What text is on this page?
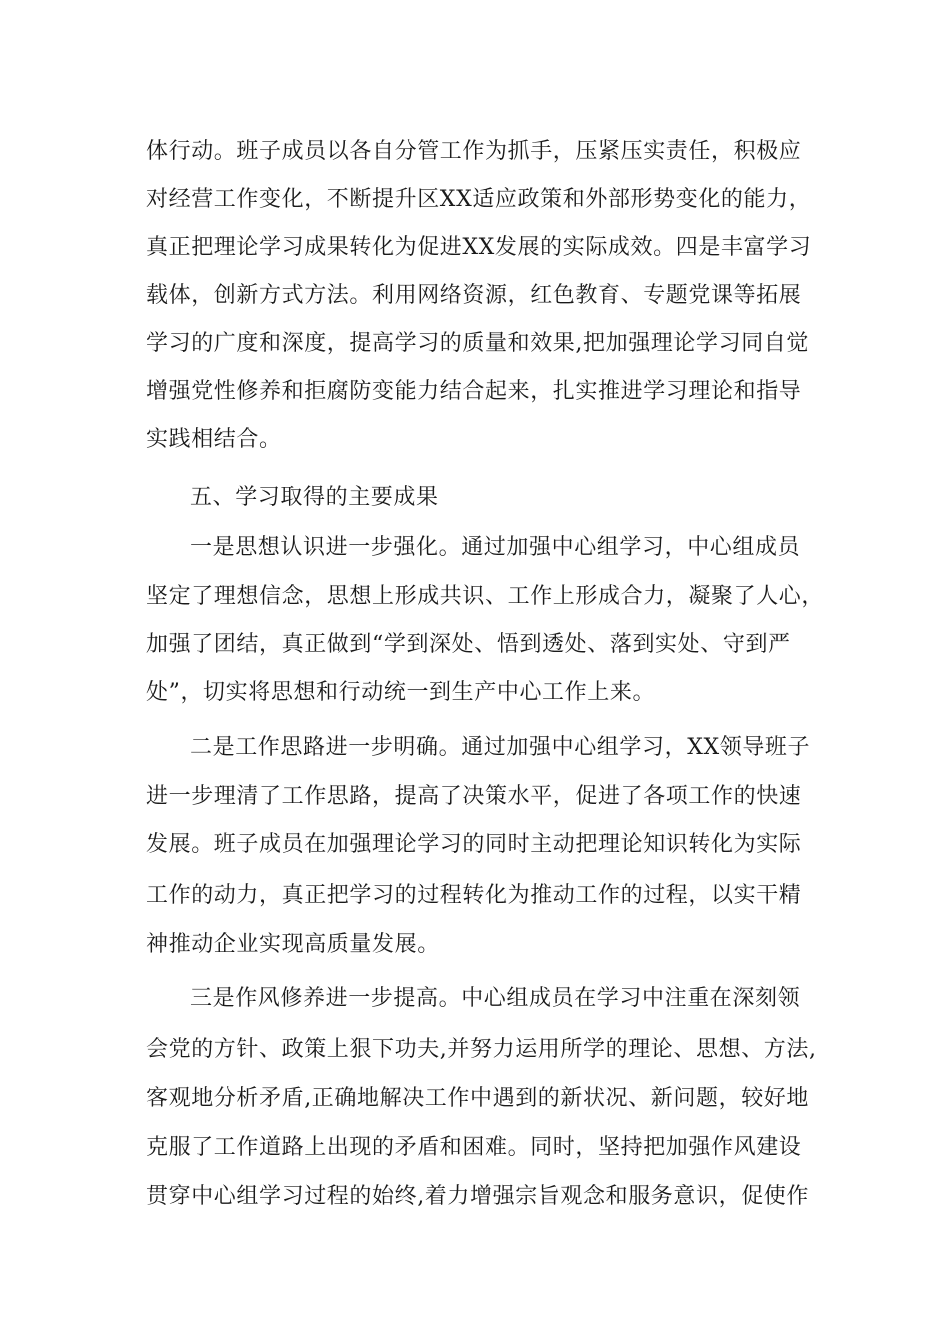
体行动。班子成员以各自分管工作为抓手，压紧压实责任，积极应
对经营工作变化，不断提升区XX适应政策和外部形势变化的能力，
真正把理论学习成果转化为促进XX发展的实际成效。四是丰富学习
载体，创新方式方法。利用网络资源，红色教育、专题党课等拓展
学习的广度和深度，提高学习的质量和效果,把加强理论学习同自觉
增强党性修养和拒腐防变能力结合起来，扎实推进学习理论和指导
实践相结合。
五、学习取得的主要成果
一是思想认识进一步强化。通过加强中心组学习，中心组成员
坚定了理想信念，思想上形成共识、工作上形成合力，凝聚了人心，
加强了团结，真正做到“学到深处、悟到透处、落到实处、守到严
处”，切实将思想和行动统一到生产中心工作上来。
二是工作思路进一步明确。通过加强中心组学习，XX领导班子
进一步理清了工作思路，提高了决策水平，促进了各项工作的快速
发展。班子成员在加强理论学习的同时主动把理论知识转化为实际
工作的动力，真正把学习的过程转化为推动工作的过程，以实干精
神推动企业实现高质量发展。
三是作风修养进一步提高。中心组成员在学习中注重在深刻领
会党的方针、政策上狠下功夫,并努力运用所学的理论、思想、方法,
客观地分析矛盾,正确地解决工作中遇到的新状况、新问题，较好地
克服了工作道路上出现的矛盾和困难。同时，坚持把加强作风建设
贯穿中心组学习过程的始终,着力增强宗旨观念和服务意识，促使作
